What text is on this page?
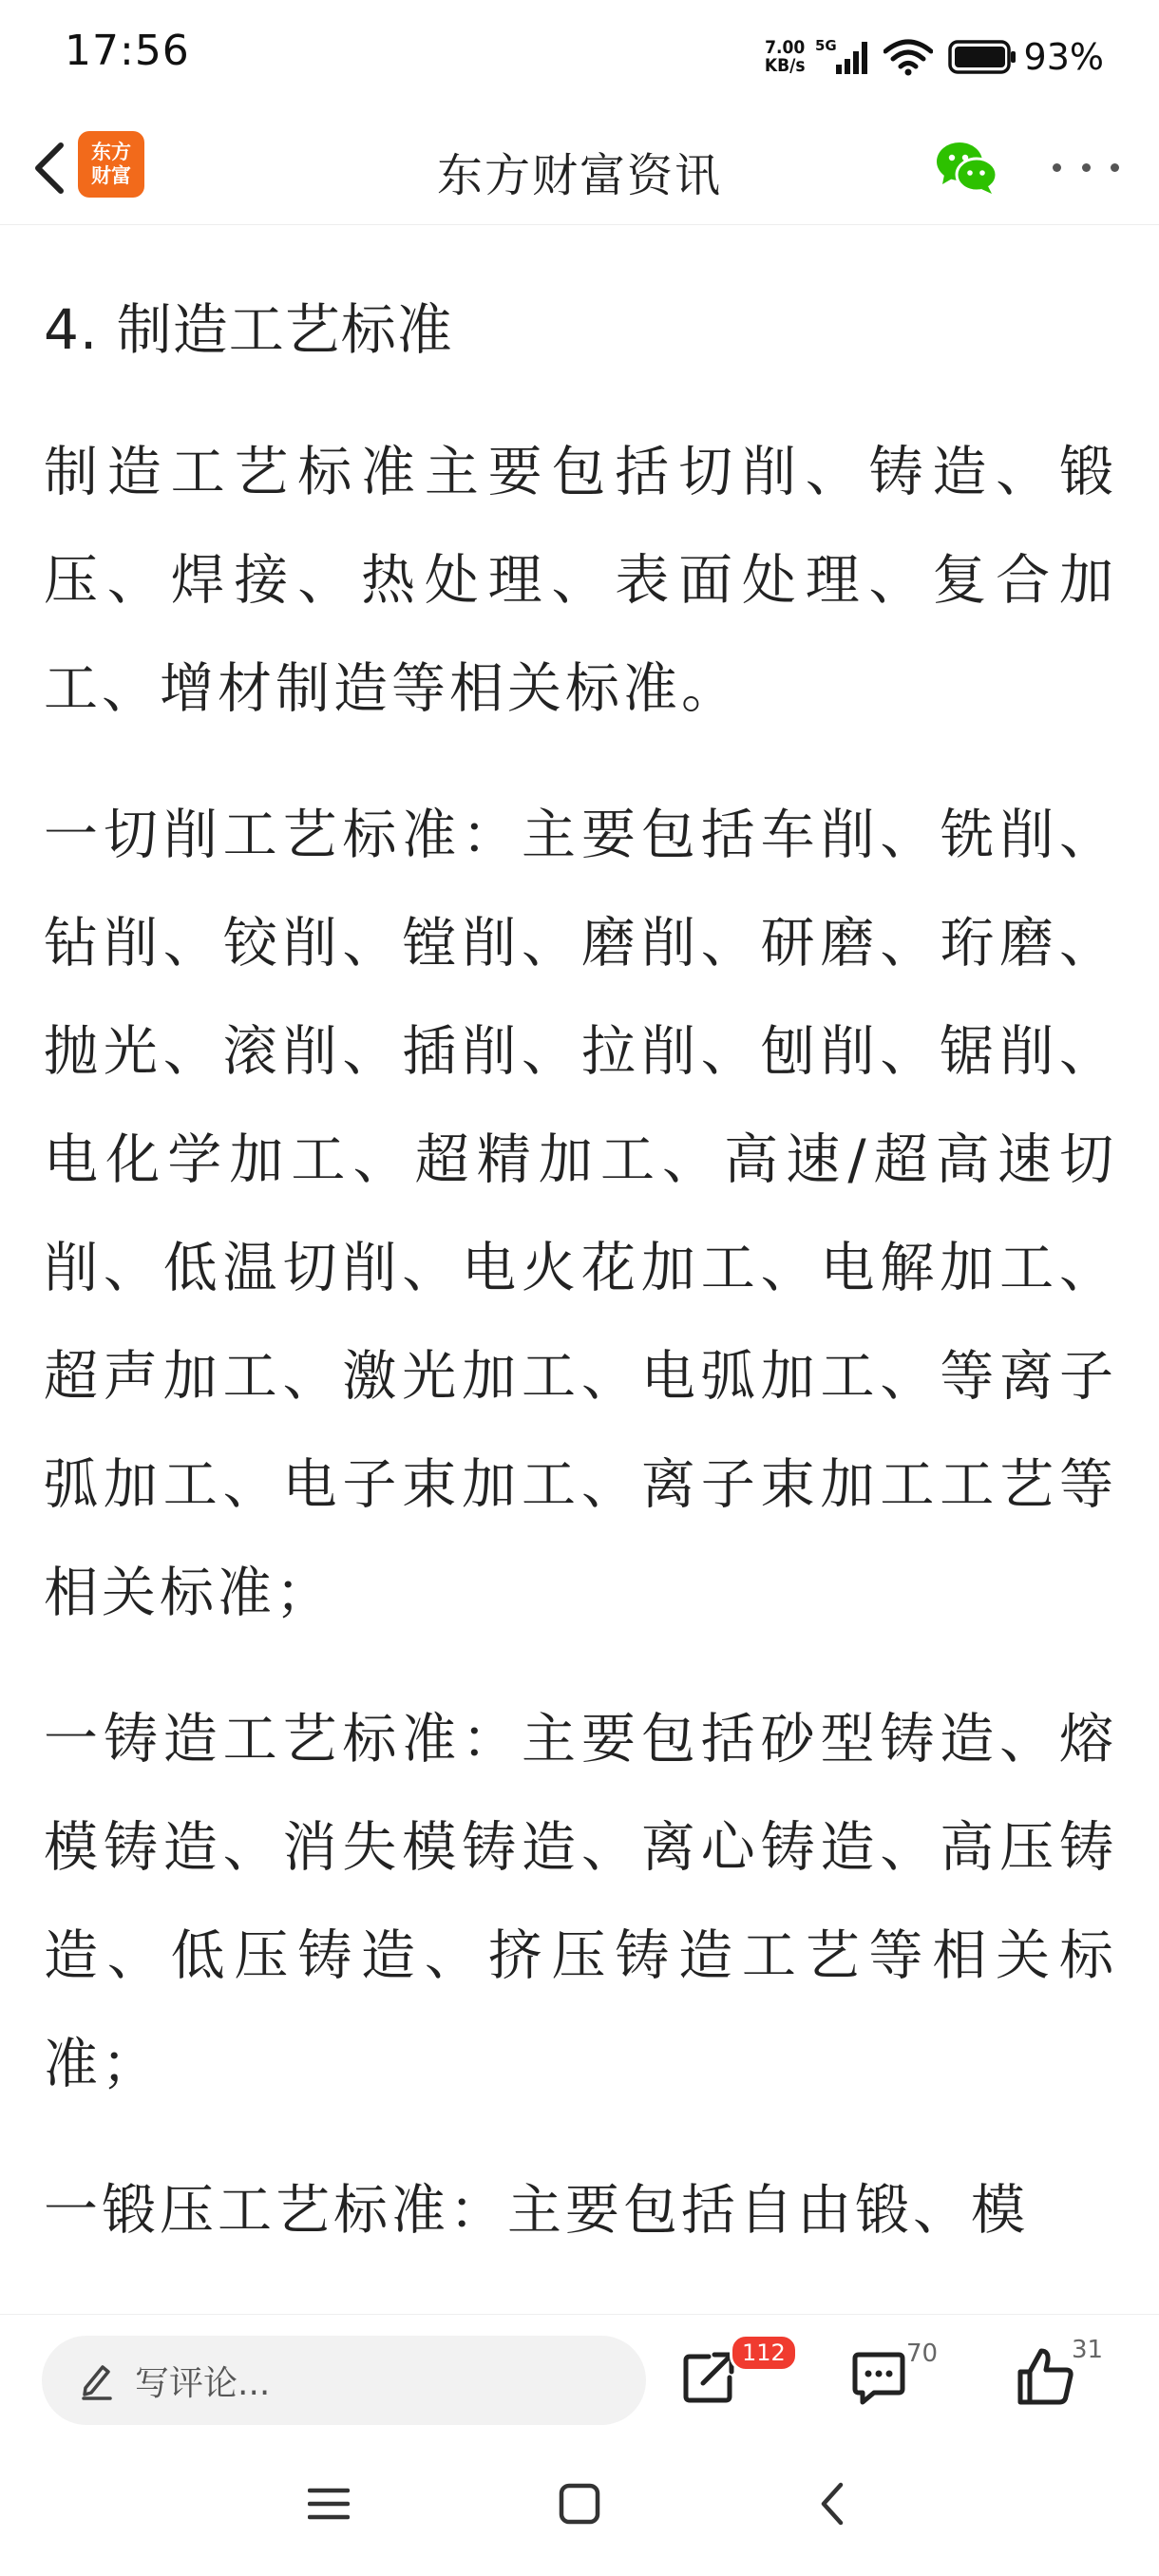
17:56	7.00
KB/s
5G	93%
东方
财富	东方财富资讯
4. 制造工艺标准

制造工艺标准主要包括切削、铸造、锻压、焊接、热处理、表面处理、复合加工、增材制造等相关标准。

一切削工艺标准：主要包括车削、铣削、钻削、铰削、镗削、磨削、研磨、珩磨、抛光、滚削、插削、拉削、刨削、锯削、电化学加工、超精加工、高速/超高速切削、低温切削、电火花加工、电解加工、超声加工、激光加工、电弧加工、等离子弧加工、电子束加工、离子束加工工艺等相关标准；

一铸造工艺标准：主要包括砂型铸造、熔模铸造、消失模铸造、离心铸造、高压铸造、低压铸造、挤压铸造工艺等相关标准；

一锻压工艺标准：主要包括自由锻、模

写评论...
112	70	31
